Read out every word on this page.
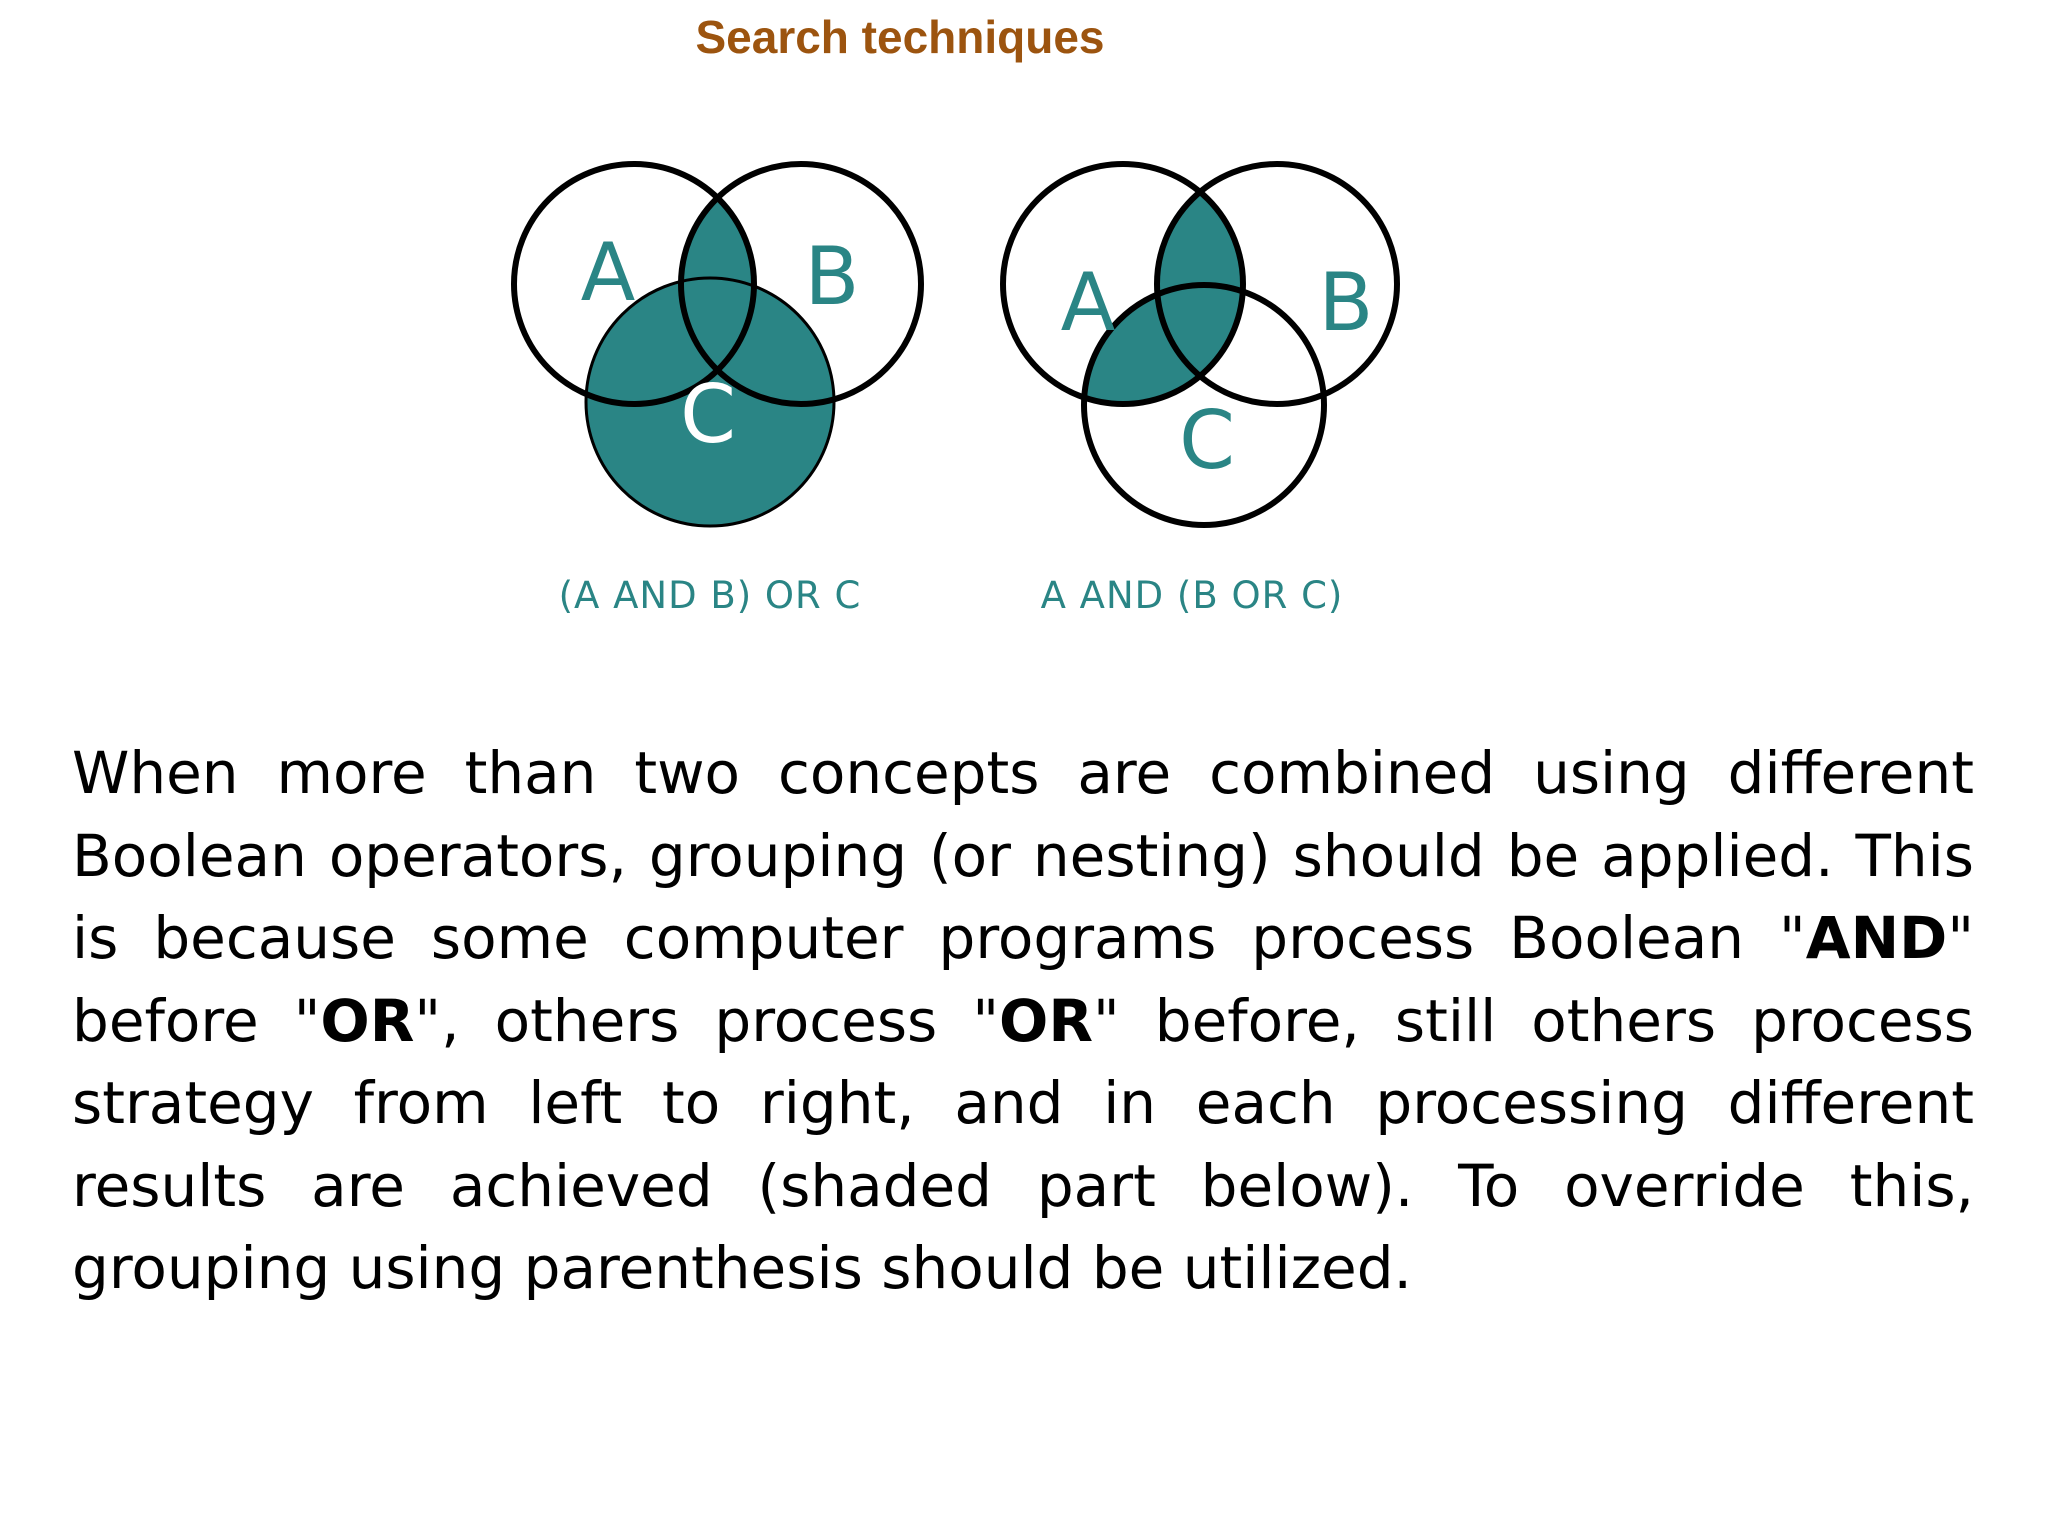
Search techniques
A B
C
(A AND B) OR C
A	B
C
A AND (B OR C)

When more than two concepts are combined using different Boolean operators, grouping (or nesting) should be applied. This is because some computer programs process Boolean "AND" before "OR", others process "OR" before, still others process strategy from left to right, and in each processing different results are achieved (shaded part below). To override this, grouping using parenthesis should be utilized.
